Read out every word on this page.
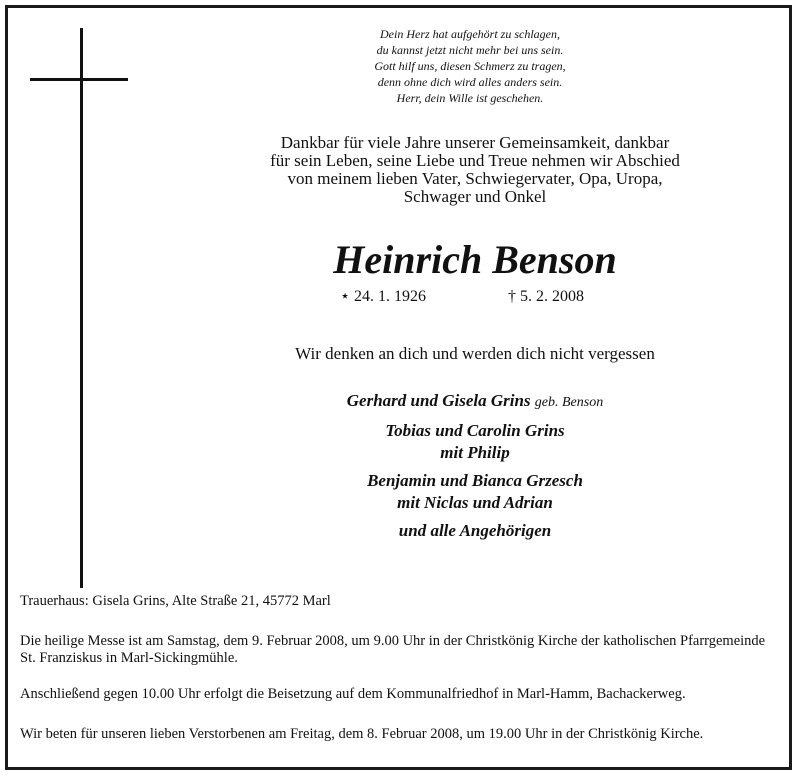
Dein Herz hat aufgehört zu schlagen,
du kannst jetzt nicht mehr bei uns sein.
Gott hilf uns, diesen Schmerz zu tragen,
denn ohne dich wird alles anders sein.
Herr, dein Wille ist geschehen.
Dankbar für viele Jahre unserer Gemeinsamkeit, dankbar
für sein Leben, seine Liebe und Treue nehmen wir Abschied
von meinem lieben Vater, Schwiegervater, Opa, Uropa,
Schwager und Onkel
Heinrich Benson
⋆ 24. 1. 1926	† 5. 2. 2008
Wir denken an dich und werden dich nicht vergessen
Gerhard und Gisela Grins geb. Benson
Tobias und Carolin Grins
mit Philip
Benjamin und Bianca Grzesch
mit Niclas und Adrian
und alle Angehörigen
Trauerhaus: Gisela Grins, Alte Straße 21, 45772 Marl
Die heilige Messe ist am Samstag, dem 9. Februar 2008, um 9.00 Uhr in der Christkönig Kirche der katholischen Pfarrgemeinde St. Franziskus in Marl-Sickingmühle.
Anschließend gegen 10.00 Uhr erfolgt die Beisetzung auf dem Kommunalfriedhof in Marl-Hamm, Bachackerweg.
Wir beten für unseren lieben Verstorbenen am Freitag, dem 8. Februar 2008, um 19.00 Uhr in der Christkönig Kirche.
